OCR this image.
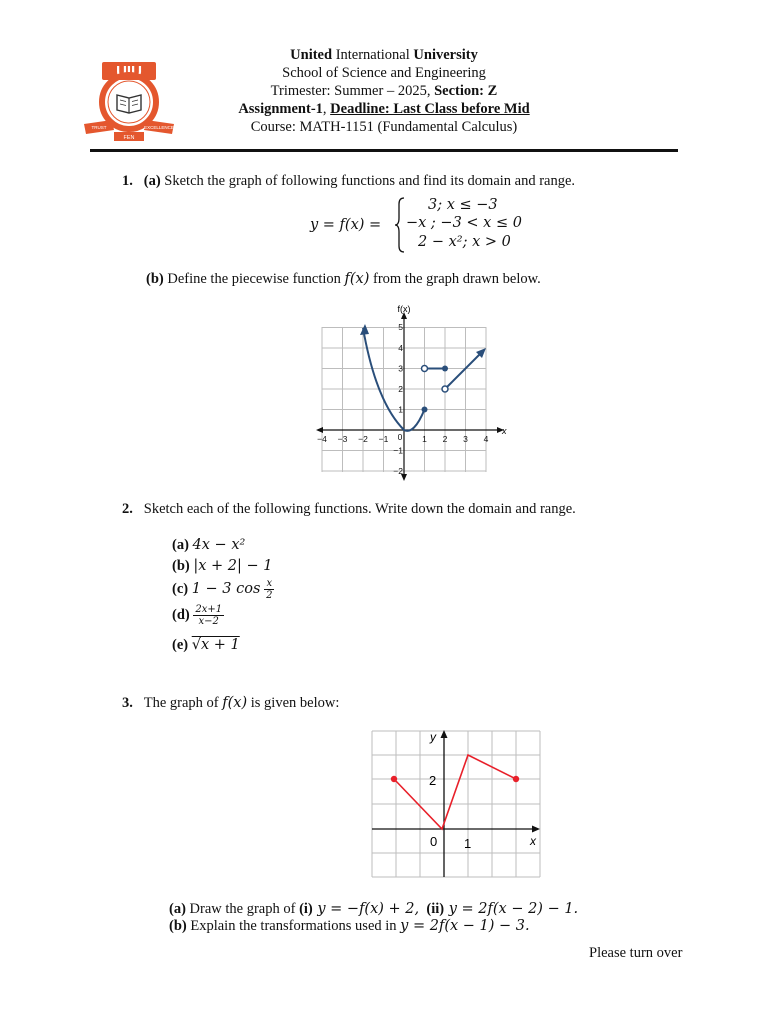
UIU
TRUST	EXCELLENCE
FEN
United International University
School of Science and Engineering
Trimester: Summer – 2025, Section: Z
Assignment-1, Deadline: Last Class before Mid
Course: MATH-1151 (Fundamental Calculus)
1. (a) Sketch the graph of following functions and find its domain and range.
y = f(x) =
3; x ≤ −3
−x ; −3 < x ≤ 0
2 − x²; x > 0
(b) Define the piecewise function f(x) from the graph drawn below.
f(x)
x
−4 −3 −2 −1 0 1 2 3 4
5
4
3
2
1
−1
−2
2. Sketch each of the following functions. Write down the domain and range.
(a) 4x − x²
(b) |x + 2| − 1
(c) 1 − 3 $\cos \frac{x}{2}$
$(d) \frac{2x+1}{x-2}$
(e) √x + 1
3. The graph of f(x) is given below:
y
x
2
1
0
(a) Draw the graph of (i) y = −f(x) + 2, (ii) y = 2f(x − 2) − 1.
(b) Explain the transformations used in y = 2f(x − 1) − 3.
Please turn over
